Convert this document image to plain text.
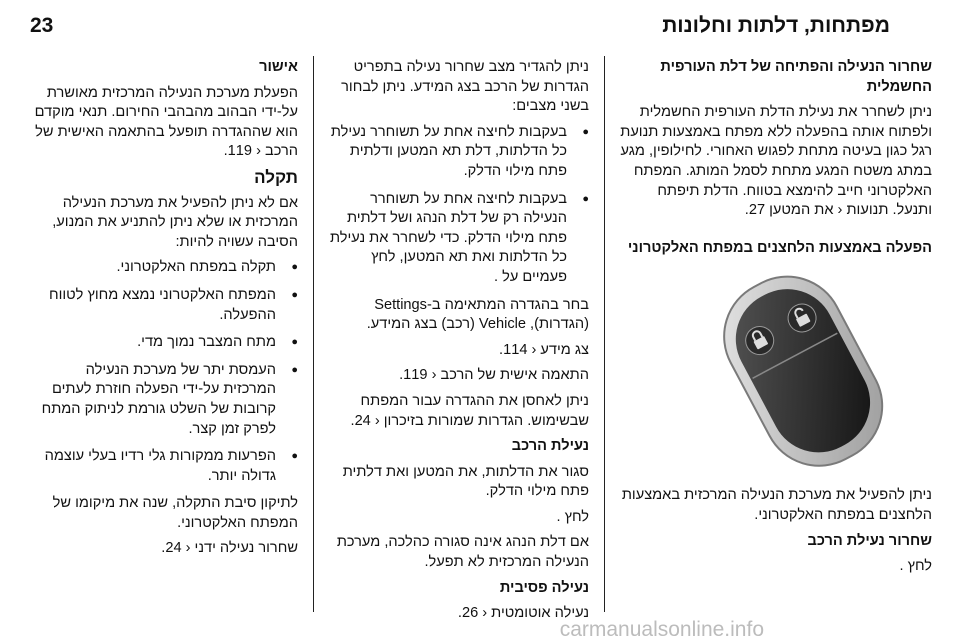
23	מפתחות, דלתות וחלונות

שחרור הנעילה והפתיחה של דלת העורפית החשמלית

ניתן לשחרר את נעילת הדלת העורפית החשמלית ולפתוח אותה בהפעלה ללא מפתח באמצעות תנועת רגל כגון בעיטה מתחת לפגוש האחורי. לחילופין, מגע במתג משטח המגע מתחת לסמל המותג. המפתח האלקטרוני חייב להימצא בטווח. הדלת תיפתח ותנעל. תנועות ‹ את המטען 27.

הפעלה באמצעות הלחצנים במפתח האלקטרוני

ניתן להפעיל את מערכת הנעילה המרכזית באמצעות הלחצנים במפתח האלקטרוני.

שחרור נעילת הרכב

לחץ .

ניתן להגדיר מצב שחרור נעילה בתפריט הגדרות של הרכב בצג המידע. ניתן לבחור בשני מצבים:

● בעקבות לחיצה אחת על תשוחרר נעילת כל הדלתות, דלת תא המטען ודלתית פתח מילוי הדלק.
● בעקבות לחיצה אחת על תשוחרר הנעילה רק של דלת הנהג ושל דלתית פתח מילוי הדלק. כדי לשחרר את נעילת כל הדלתות ואת תא המטען, לחץ פעמיים על .

בחר בהגדרה המתאימה ב-Settings (הגדרות), Vehicle (רכב) בצג המידע.

צג מידע ‹ 114.

התאמה אישית של הרכב ‹ 119.

ניתן לאחסן את ההגדרה עבור המפתח שבשימוש. הגדרות שמורות בזיכרון ‹ 24.

נעילת הרכב

סגור את הדלתות, את המטען ואת דלתית פתח מילוי הדלק.

לחץ .

אם דלת הנהג אינה סגורה כהלכה, מערכת הנעילה המרכזית לא תפעל.

נעילה פסיבית

נעילה אוטומטית ‹ 26.

אישור

הפעלת מערכת הנעילה המרכזית מאושרת על-ידי הבהוב מהבהבי החירום. תנאי מוקדם הוא שההגדרה תופעל בהתאמה האישית של הרכב ‹ 119.

תקלה

אם לא ניתן להפעיל את מערכת הנעילה המרכזית או שלא ניתן להתניע את המנוע, הסיבה עשויה להיות:

● תקלה במפתח האלקטרוני.
● המפתח האלקטרוני נמצא מחוץ לטווח ההפעלה.
● מתח המצבר נמוך מדי.
● העמסת יתר של מערכת הנעילה המרכזית על-ידי הפעלה חוזרת לעתים קרובות של השלט גורמת לניתוק המתח לפרק זמן קצר.
● הפרעות ממקורות גלי רדיו בעלי עוצמה גדולה יותר.

לתיקון סיבת התקלה, שנה את מיקומו של המפתח האלקטרוני.

שחרור נעילה ידני ‹ 24.

carmanualsonline.info
